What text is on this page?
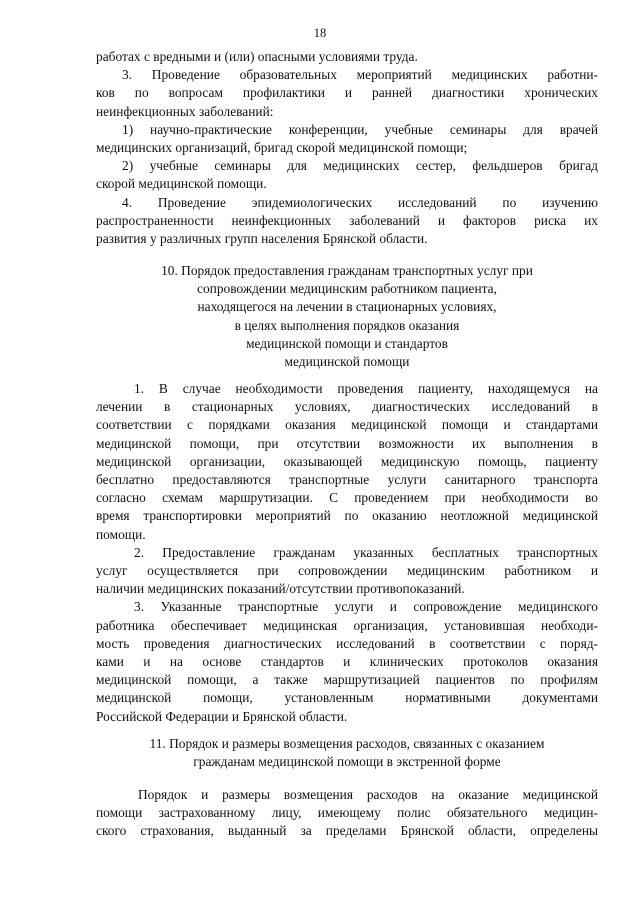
18
работах с вредными и (или) опасными условиями труда.
3. Проведение образовательных мероприятий медицинских работни-
ков по вопросам профилактики и ранней диагностики хронических
неинфекционных заболеваний:
1) научно-практические конференции, учебные семинары для врачей
медицинских организаций, бригад скорой медицинской помощи;
2) учебные семинары для медицинских сестер, фельдшеров бригад
скорой медицинской помощи.
4. Проведение эпидемиологических исследований по изучению
распространенности неинфекционных заболеваний и факторов риска их
развития у различных групп населения Брянской области.
10. Порядок предоставления гражданам транспортных услуг при
сопровождении медицинским работником пациента,
находящегося на лечении в стационарных условиях,
в целях выполнения порядков оказания
медицинской помощи и стандартов
медицинской помощи
1. В случае необходимости проведения пациенту, находящемуся на
лечении в стационарных условиях, диагностических исследований в
соответствии с порядками оказания медицинской помощи и стандартами
медицинской помощи, при отсутствии возможности их выполнения в
медицинской организации, оказывающей медицинскую помощь, пациенту
бесплатно предоставляются транспортные услуги санитарного транспорта
согласно схемам маршрутизации. С проведением при необходимости во
время транспортировки мероприятий по оказанию неотложной медицинской
помощи.
2. Предоставление гражданам указанных бесплатных транспортных
услуг осуществляется при сопровождении медицинским работником и
наличии медицинских показаний/отсутствии противопоказаний.
3. Указанные транспортные услуги и сопровождение медицинского
работника обеспечивает медицинская организация, установившая необходи-
мость проведения диагностических исследований в соответствии с поряд-
ками и на основе стандартов и клинических протоколов оказания
медицинской помощи, а также маршрутизацией пациентов по профилям
медицинской помощи, установленным нормативными документами
Российской Федерации и Брянской области.
11. Порядок и размеры возмещения расходов, связанных с оказанием
гражданам медицинской помощи в экстренной форме
Порядок и размеры возмещения расходов на оказание медицинской
помощи застрахованному лицу, имеющему полис обязательного медицин-
ского страхования, выданный за пределами Брянской области, определены
